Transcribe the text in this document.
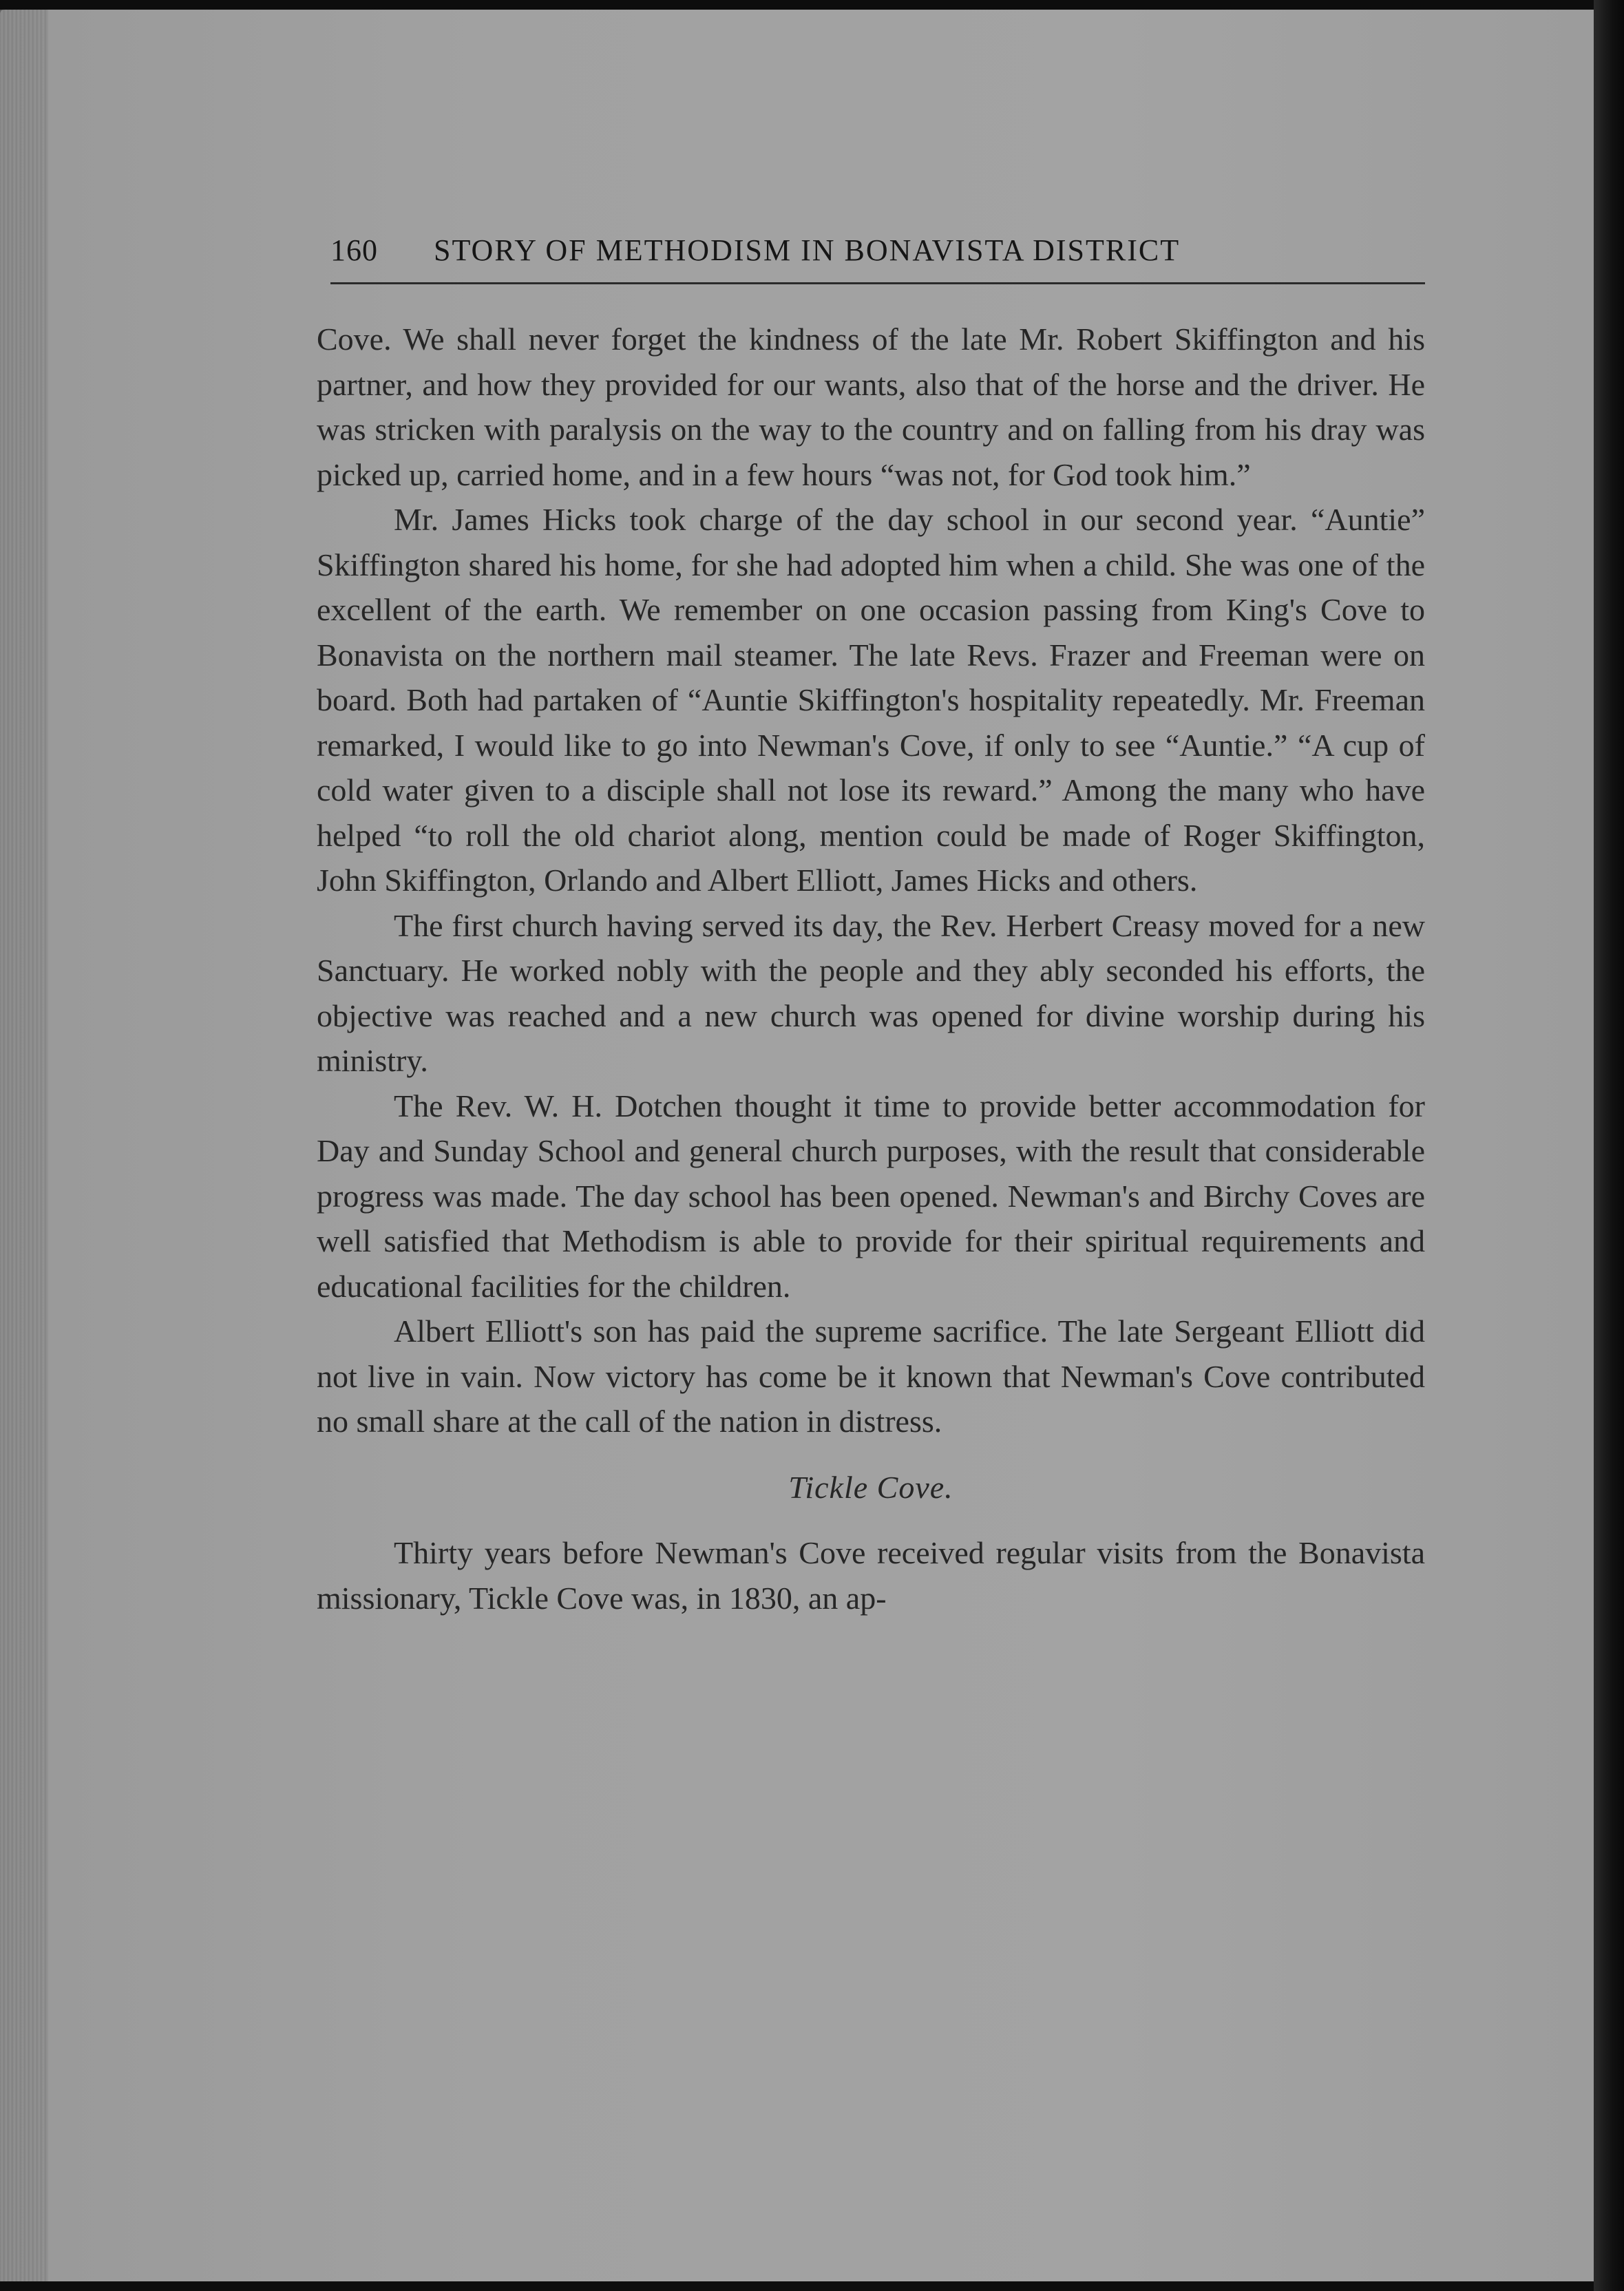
160 STORY OF METHODISM IN BONAVISTA DISTRICT

Cove. We shall never forget the kindness of the late Mr. Robert Skiffington and his partner, and how they provided for our wants, also that of the horse and the driver. He was stricken with paralysis on the way to the country and on falling from his dray was picked up, carried home, and in a few hours “was not, for God took him.”

Mr. James Hicks took charge of the day school in our second year. “Auntie” Skiffington shared his home, for she had adopted him when a child. She was one of the excellent of the earth. We remember on one occasion passing from King's Cove to Bonavista on the northern mail steamer. The late Revs. Frazer and Freeman were on board. Both had partaken of “Auntie Skiffington's hospitality repeatedly. Mr. Freeman remarked, I would like to go into Newman's Cove, if only to see “Auntie.” “A cup of cold water given to a disciple shall not lose its reward.” Among the many who have helped “to roll the old chariot along, mention could be made of Roger Skiffington, John Skiffington, Orlando and Albert Elliott, James Hicks and others.

The first church having served its day, the Rev. Herbert Creasy moved for a new Sanctuary. He worked nobly with the people and they ably seconded his efforts, the objective was reached and a new church was opened for divine worship during his ministry.

The Rev. W. H. Dotchen thought it time to provide better accommodation for Day and Sunday School and general church purposes, with the result that considerable progress was made. The day school has been opened. Newman's and Birchy Coves are well satisfied that Methodism is able to provide for their spiritual requirements and educational facilities for the children.

Albert Elliott's son has paid the supreme sacrifice. The late Sergeant Elliott did not live in vain. Now victory has come be it known that Newman's Cove contributed no small share at the call of the nation in distress.

Tickle Cove.

Thirty years before Newman's Cove received regular visits from the Bonavista missionary, Tickle Cove was, in 1830, an ap-
